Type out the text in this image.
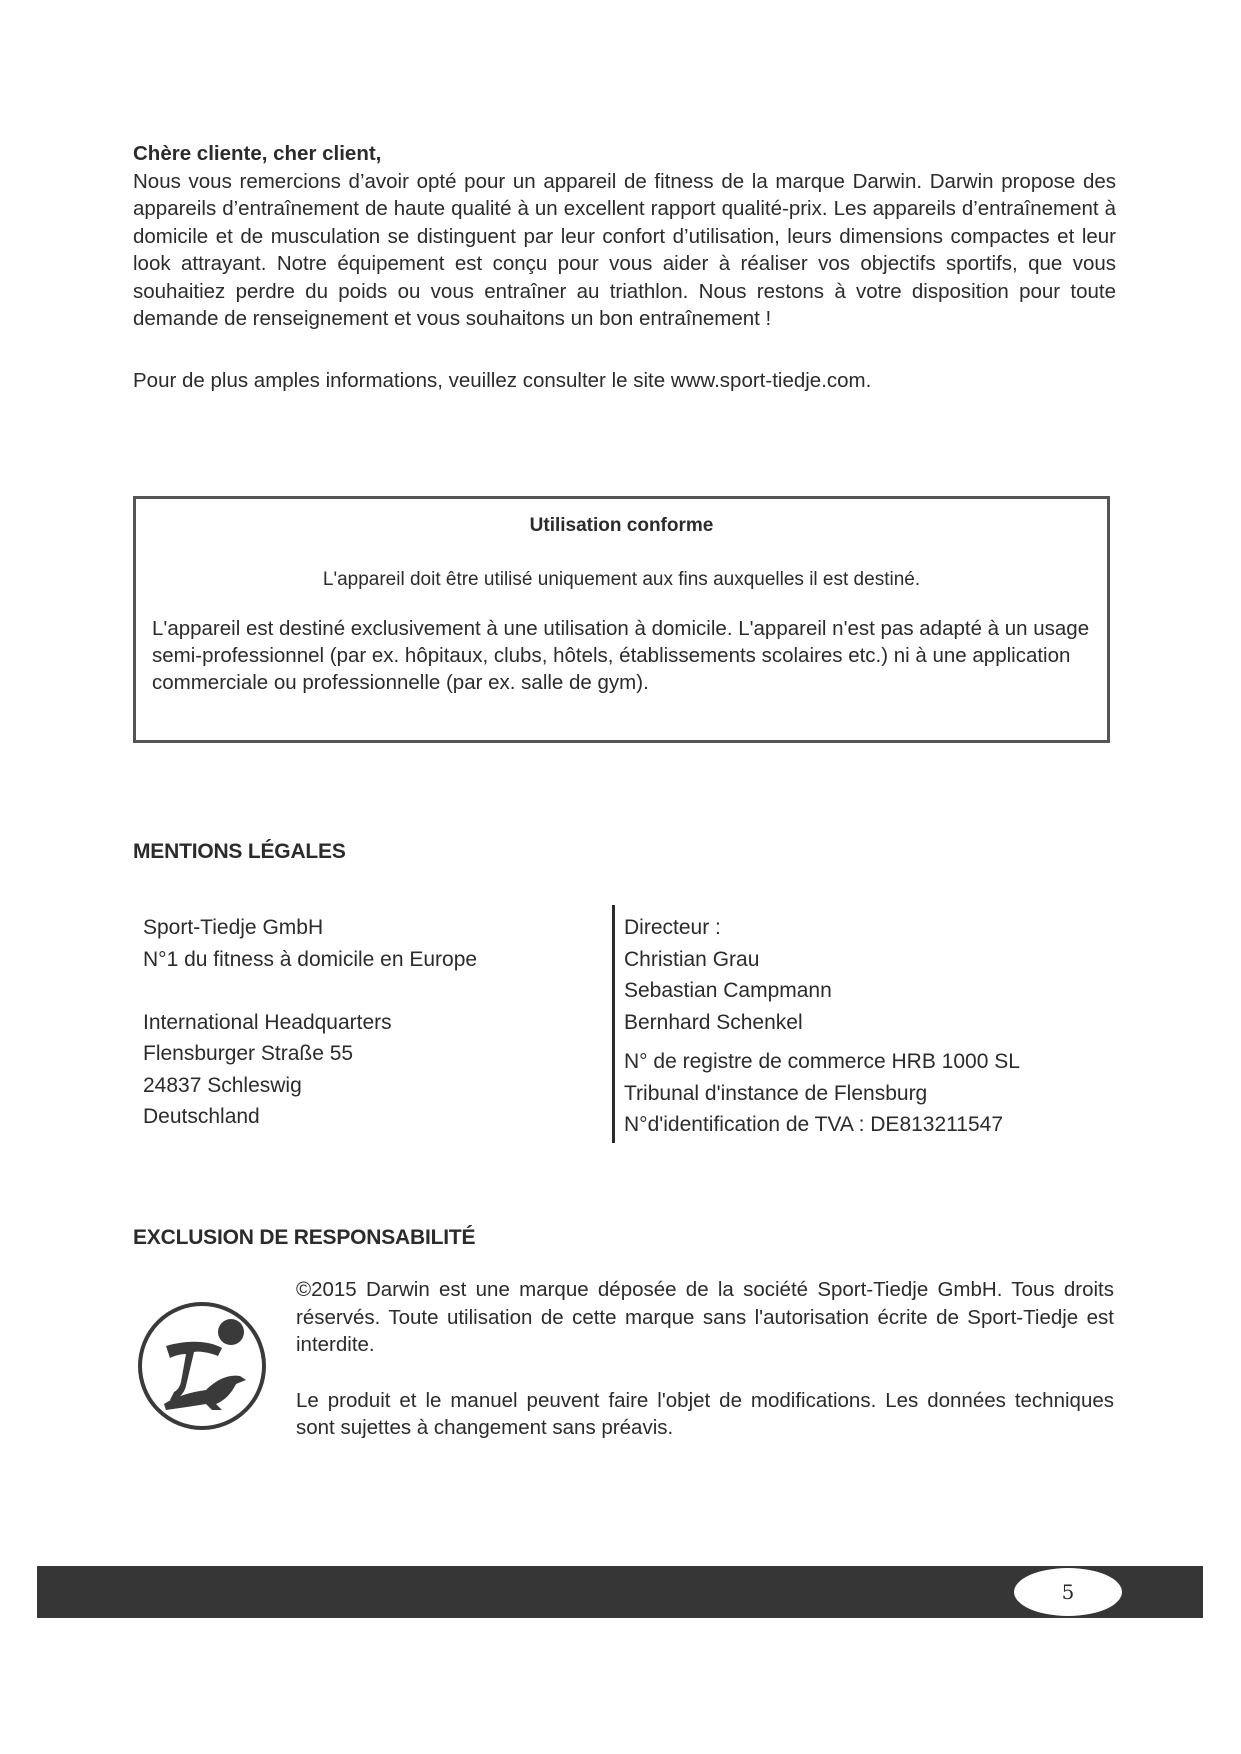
Chère cliente, cher client,
Nous vous remercions d’avoir opté pour un appareil de fitness de la marque Darwin. Darwin propose des appareils d’entraînement de haute qualité à un excellent rapport qualité-prix. Les appareils d’entraînement à domicile et de musculation se distinguent par leur confort d’utilisation, leurs dimensions compactes et leur look attrayant. Notre équipement est conçu pour vous aider à réaliser vos objectifs sportifs, que vous souhaitiez perdre du poids ou vous entraîner au triathlon. Nous restons à votre disposition pour toute demande de renseignement et vous souhaitons un bon entraînement !
Pour de plus amples informations, veuillez consulter le site www.sport-tiedje.com.
Utilisation conforme
L'appareil doit être utilisé uniquement aux fins auxquelles il est destiné.
L'appareil est destiné exclusivement à une utilisation à domicile. L'appareil n'est pas adapté à un usage semi-professionnel (par ex. hôpitaux, clubs, hôtels, établissements scolaires etc.) ni à une application commerciale ou professionnelle (par ex. salle de gym).
MENTIONS LÉGALES
Sport-Tiedje GmbH
N°1 du fitness à domicile en Europe
International Headquarters
Flensburger Straße 55
24837 Schleswig
Deutschland
Directeur :
Christian Grau
Sebastian Campmann
Bernhard Schenkel
N° de registre de commerce HRB 1000 SL
Tribunal d'instance de Flensburg
N°d'identification de TVA : DE813211547
EXCLUSION DE RESPONSABILITÉ
©2015 Darwin est une marque déposée de la société Sport-Tiedje GmbH. Tous droits réservés. Toute utilisation de cette marque sans l'autorisation écrite de Sport-Tiedje est interdite.
Le produit et le manuel peuvent faire l'objet de modifications. Les données techniques sont sujettes à changement sans préavis.
5
